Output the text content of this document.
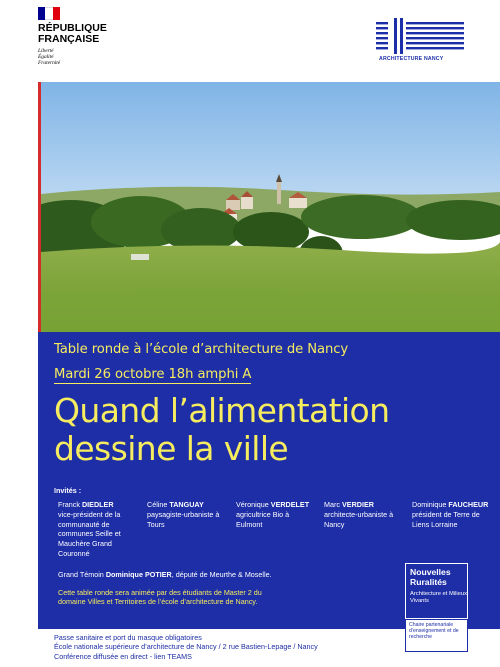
RÉPUBLIQUE
FRANÇAISE
Liberté
Égalité
Fraternité
ARCHITECTURE NANCY
Table ronde à l’école d’architecture de Nancy
Mardi 26 octobre 18h amphi A
Quand l’alimentation
dessine la ville
Invités :
Franck DIEDLER
vice-président de la communauté de communes Seille et Mauchère Grand Couronné
Céline TANGUAY
paysagiste-urbaniste à Tours
Véronique VERDELET
agricultrice Bio à Eulmont
Marc VERDIER
architecte-urbaniste à Nancy
Dominique FAUCHEUR
président de Terre de Liens Lorraine
Grand Témoin Dominique POTIER, député de Meurthe & Moselle.
Cette table ronde sera animée par des étudiants de Master 2 du domaine Villes et Territoires de l’école d’architecture de Nancy.
Nouvelles
Ruralités
Architecture et Milieux Vivants
Chaire partenariale d’enseignement et de recherche
Passe sanitaire et port du masque obligatoires
École nationale supérieure d’architecture de Nancy / 2 rue Bastien-Lepage / Nancy
Conférence diffusée en direct - lien TEAMS
